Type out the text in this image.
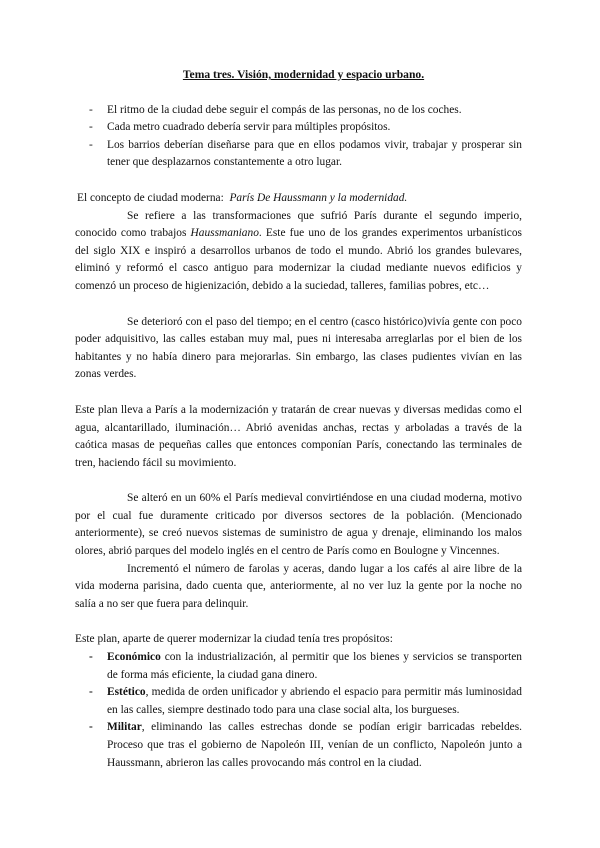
Tema tres. Visión, modernidad y espacio urbano.
- El ritmo de la ciudad debe seguir el compás de las personas, no de los coches.
- Cada metro cuadrado debería servir para múltiples propósitos.
- Los barrios deberían diseñarse para que en ellos podamos vivir, trabajar y prosperar sin tener que desplazarnos constantemente a otro lugar.

El concepto de ciudad moderna: París De Haussmann y la modernidad.

Se refiere a las transformaciones que sufrió París durante el segundo imperio, conocido como trabajos Haussmaniano. Este fue uno de los grandes experimentos urbanísticos del siglo XIX e inspiró a desarrollos urbanos de todo el mundo. Abrió los grandes bulevares, eliminó y reformó el casco antiguo para modernizar la ciudad mediante nuevos edificios y comenzó un proceso de higienización, debido a la suciedad, talleres, familias pobres, etc…

Se deterioró con el paso del tiempo; en el centro (casco histórico)vivía gente con poco poder adquisitivo, las calles estaban muy mal, pues ni interesaba arreglarlas por el bien de los habitantes y no había dinero para mejorarlas. Sin embargo, las clases pudientes vivían en las zonas verdes.

Este plan lleva a París a la modernización y tratarán de crear nuevas y diversas medidas como el agua, alcantarillado, iluminación… Abrió avenidas anchas, rectas y arboladas a través de la caótica masas de pequeñas calles que entonces componían París, conectando las terminales de tren, haciendo fácil su movimiento.

Se alteró en un 60% el París medieval convirtiéndose en una ciudad moderna, motivo por el cual fue duramente criticado por diversos sectores de la población. (Mencionado anteriormente), se creó nuevos sistemas de suministro de agua y drenaje, eliminando los malos olores, abrió parques del modelo inglés en el centro de París como en Boulogne y Vincennes.

Incrementó el número de farolas y aceras, dando lugar a los cafés al aire libre de la vida moderna parisina, dado cuenta que, anteriormente, al no ver luz la gente por la noche no salía a no ser que fuera para delinquir.

Este plan, aparte de querer modernizar la ciudad tenía tres propósitos:

- Económico con la industrialización, al permitir que los bienes y servicios se transporten de forma más eficiente, la ciudad gana dinero.
- Estético, medida de orden unificador y abriendo el espacio para permitir más luminosidad en las calles, siempre destinado todo para una clase social alta, los burgueses.
- Militar, eliminando las calles estrechas donde se podían erigir barricadas rebeldes. Proceso que tras el gobierno de Napoleón III, venían de un conflicto, Napoleón junto a Haussmann, abrieron las calles provocando más control en la ciudad.
